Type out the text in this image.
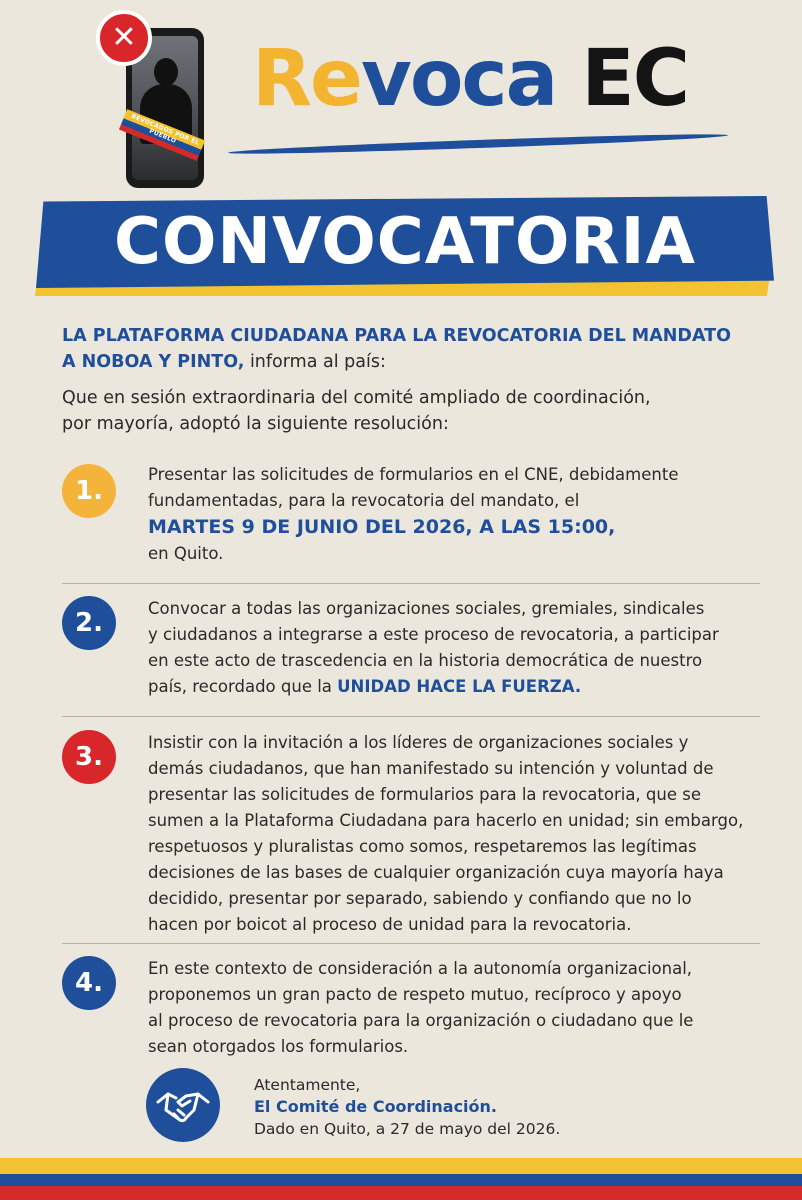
REVOCADOS POR EL PUEBLO
✕ Revoca EC
CONVOCATORIA

LA PLATAFORMA CIUDADANA PARA LA REVOCATORIA DEL MANDATO
A NOBOA Y PINTO, informa al país:

Que en sesión extraordinaria del comité ampliado de coordinación,
por mayoría, adoptó la siguiente resolución:

1.
Presentar las solicitudes de formularios en el CNE, debidamente
fundamentadas, para la revocatoria del mandato, el
MARTES 9 DE JUNIO DEL 2026, A LAS 15:00,
en Quito.
2.	Convocar a todas las organizaciones sociales, gremiales, sindicales
y ciudadanos a integrarse a este proceso de revocatoria, a participar
en este acto de trascedencia en la historia democrática de nuestro
país, recordado que la UNIDAD HACE LA FUERZA.
3.	Insistir con la invitación a los líderes de organizaciones sociales y
demás ciudadanos, que han manifestado su intención y voluntad de
presentar las solicitudes de formularios para la revocatoria, que se
sumen a la Plataforma Ciudadana para hacerlo en unidad; sin embargo,
respetuosos y pluralistas como somos, respetaremos las legítimas
decisiones de las bases de cualquier organización cuya mayoría haya
decidido, presentar por separado, sabiendo y confiando que no lo
hacen por boicot al proceso de unidad para la revocatoria.
4.	En este contexto de consideración a la autonomía organizacional,
proponemos un gran pacto de respeto mutuo, recíproco y apoyo
al proceso de revocatoria para la organización o ciudadano que le
sean otorgados los formularios.
Atentamente,
El Comité de Coordinación.
Dado en Quito, a 27 de mayo del 2026.
